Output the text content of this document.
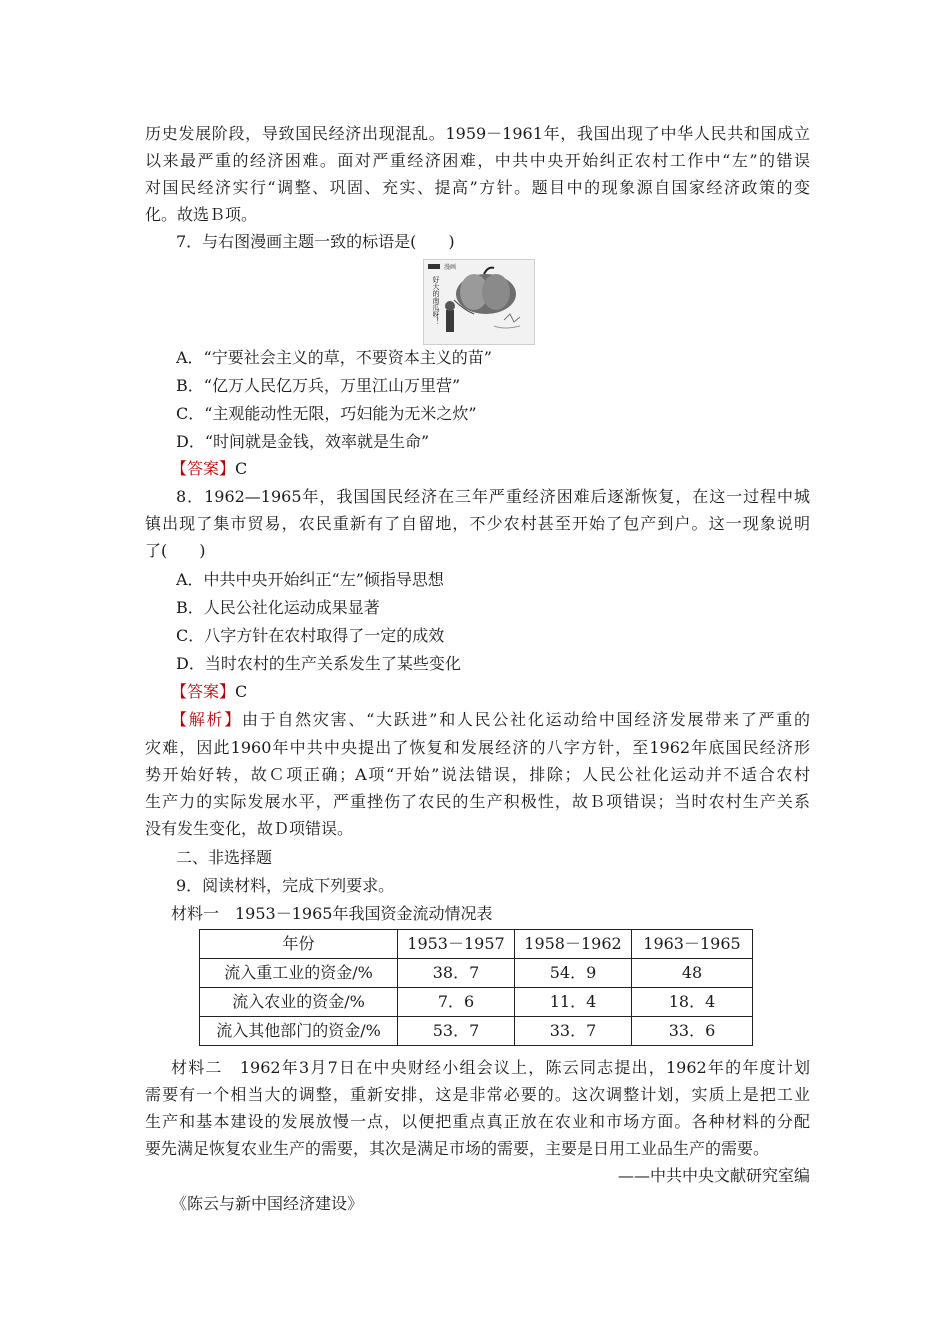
历史发展阶段，导致国民经济出现混乱。1959－1961年，我国出现了中华人民共和国成立
以来最严重的经济困难。面对严重经济困难，中共中央开始纠正农村工作中“左”的错误
对国民经济实行“调整、巩固、充实、提高”方针。题目中的现象源自国家经济政策的变
化。故选Ｂ项。
7．与右图漫画主题一致的标语是(　　)
漫画
好大的南瓜呀！
A．“宁要社会主义的草，不要资本主义的苗”
B．“亿万人民亿万兵，万里江山万里营”
C．“主观能动性无限，巧妇能为无米之炊”
D．“时间就是金钱，效率就是生命”
【答案】C
8．1962—1965年，我国国民经济在三年严重经济困难后逐渐恢复，在这一过程中城
镇出现了集市贸易，农民重新有了自留地，不少农村甚至开始了包产到户。这一现象说明
了(　　)
A．中共中央开始纠正“左”倾指导思想
B．人民公社化运动成果显著
C．八字方针在农村取得了一定的成效
D．当时农村的生产关系发生了某些变化
【答案】C
【解析】由于自然灾害、“大跃进”和人民公社化运动给中国经济发展带来了严重的
灾难，因此1960年中共中央提出了恢复和发展经济的八字方针，至1962年底国民经济形
势开始好转，故Ｃ项正确；A项“开始”说法错误，排除；人民公社化运动并不适合农村
生产力的实际发展水平，严重挫伤了农民的生产积极性，故Ｂ项错误；当时农村生产关系
没有发生变化，故Ｄ项错误。
二、非选择题
9．阅读材料，完成下列要求。
材料一　1953－1965年我国资金流动情况表
年份	1953－1957	1958－1962	1963－1965
流入重工业的资金/%	38．7	54．9	48
流入农业的资金/%	7．6	11．4	18．4
流入其他部门的资金/%	53．7	33．7	33．6
材料二　1962年3月7日在中央财经小组会议上，陈云同志提出，1962年的年度计划
需要有一个相当大的调整，重新安排，这是非常必要的。这次调整计划，实质上是把工业
生产和基本建设的发展放慢一点，以便把重点真正放在农业和市场方面。各种材料的分配
要先满足恢复农业生产的需要，其次是满足市场的需要，主要是日用工业品生产的需要。
——中共中央文献研究室编
《陈云与新中国经济建设》
